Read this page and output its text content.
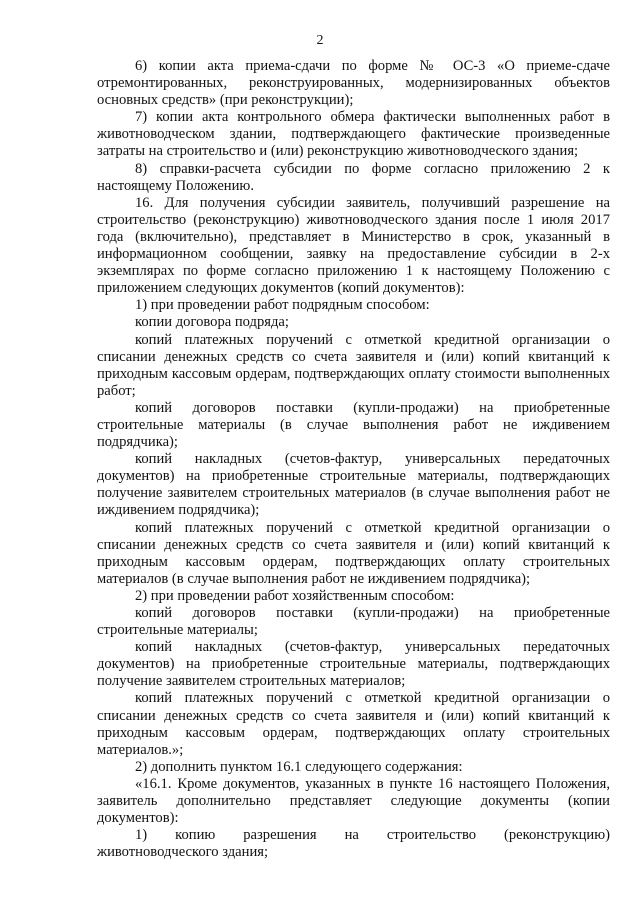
2

6) копии акта приема-сдачи по форме № ОС-3 «О приеме-сдаче отремонтированных, реконструированных, модернизированных объектов основных средств» (при реконструкции);

7) копии акта контрольного обмера фактически выполненных работ в животноводческом здании, подтверждающего фактические произведенные затраты на строительство и (или) реконструкцию животноводческого здания;

8) справки-расчета субсидии по форме согласно приложению 2 к настоящему Положению.

16. Для получения субсидии заявитель, получивший разрешение на строительство (реконструкцию) животноводческого здания после 1 июля 2017 года (включительно), представляет в Министерство в срок, указанный в информационном сообщении, заявку на предоставление субсидии в 2-х экземплярах по форме согласно приложению 1 к настоящему Положению с приложением следующих документов (копий документов):

1) при проведении работ подрядным способом:

копии договора подряда;

копий платежных поручений с отметкой кредитной организации о списании денежных средств со счета заявителя и (или) копий квитанций к приходным кассовым ордерам, подтверждающих оплату стоимости выполненных работ;

копий договоров поставки (купли-продажи) на приобретенные строительные материалы (в случае выполнения работ не иждивением подрядчика);

копий накладных (счетов-фактур, универсальных передаточных документов) на приобретенные строительные материалы, подтверждающих получение заявителем строительных материалов (в случае выполнения работ не иждивением подрядчика);

копий платежных поручений с отметкой кредитной организации о списании денежных средств со счета заявителя и (или) копий квитанций к приходным кассовым ордерам, подтверждающих оплату строительных материалов (в случае выполнения работ не иждивением подрядчика);

2) при проведении работ хозяйственным способом:

копий договоров поставки (купли-продажи) на приобретенные строительные материалы;

копий накладных (счетов-фактур, универсальных передаточных документов) на приобретенные строительные материалы, подтверждающих получение заявителем строительных материалов;

копий платежных поручений с отметкой кредитной организации о списании денежных средств со счета заявителя и (или) копий квитанций к приходным кассовым ордерам, подтверждающих оплату строительных материалов.»;

2) дополнить пунктом 16.1 следующего содержания:

«16.1. Кроме документов, указанных в пункте 16 настоящего Положения, заявитель дополнительно представляет следующие документы (копии документов):

1) копию разрешения на строительство (реконструкцию) животноводческого здания;
